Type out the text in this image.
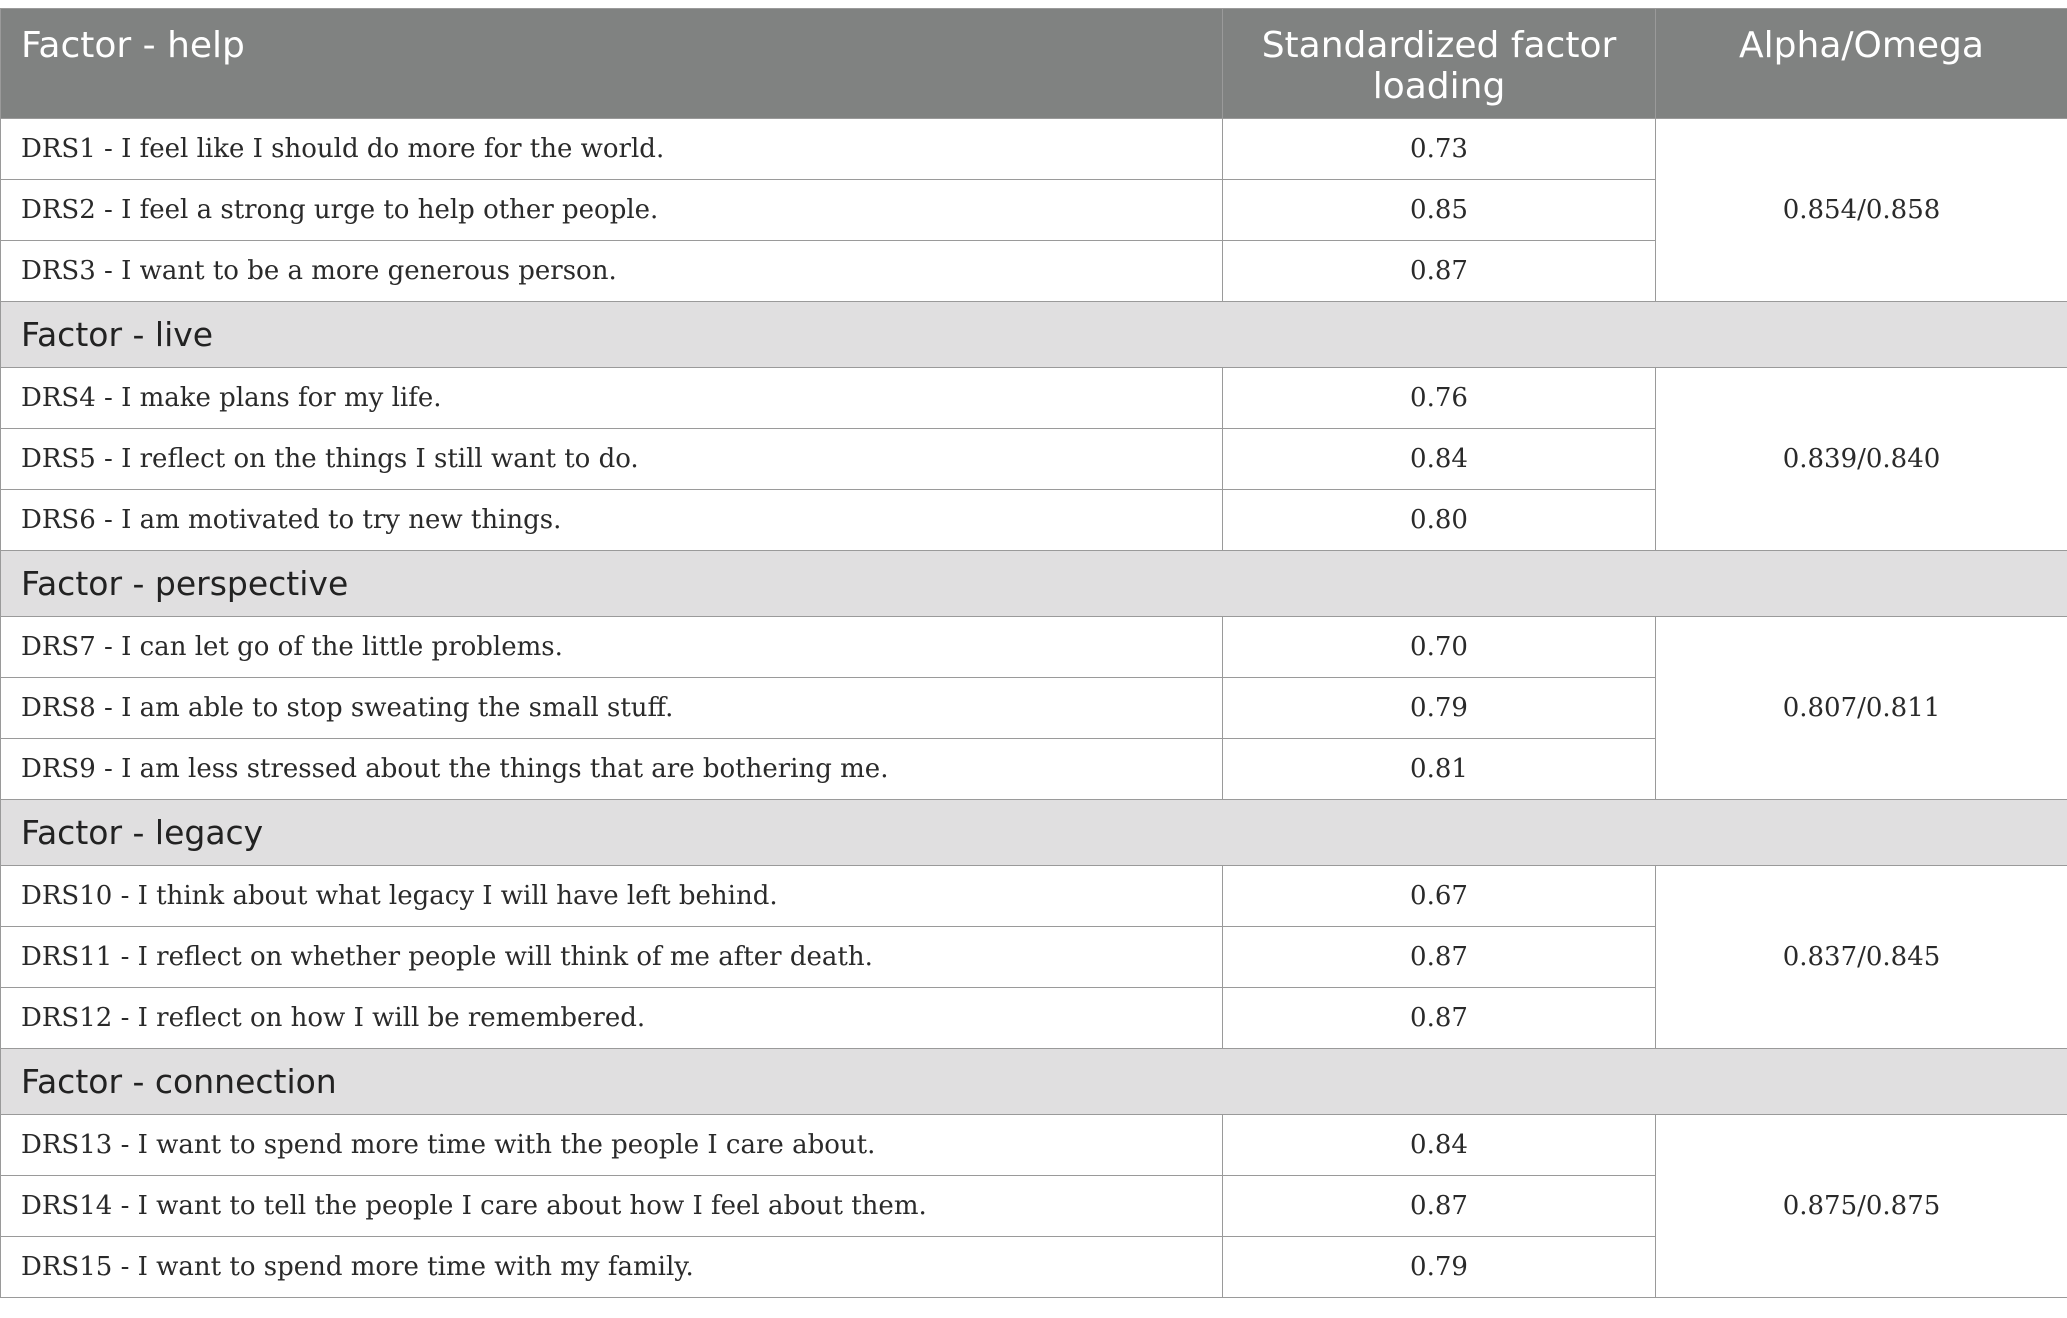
Factor - help	Standardized factor loading	Alpha/Omega
DRS1 - I feel like I should do more for the world.	0.73	0.854/0.858
DRS2 - I feel a strong urge to help other people.	0.85	
DRS3 - I want to be a more generous person.	0.87	
Factor - live		
DRS4 - I make plans for my life.	0.76	0.839/0.840
DRS5 - I reflect on the things I still want to do.	0.84	
DRS6 - I am motivated to try new things.	0.80	
Factor - perspective		
DRS7 - I can let go of the little problems.	0.70	0.807/0.811
DRS8 - I am able to stop sweating the small stuff.	0.79	
DRS9 - I am less stressed about the things that are bothering me.	0.81	
Factor - legacy		
DRS10 - I think about what legacy I will have left behind.	0.67	0.837/0.845
DRS11 - I reflect on whether people will think of me after death.	0.87	
DRS12 - I reflect on how I will be remembered.	0.87	
Factor - connection		
DRS13 - I want to spend more time with the people I care about.	0.84	0.875/0.875
DRS14 - I want to tell the people I care about how I feel about them.	0.87	
DRS15 - I want to spend more time with my family.	0.79	
